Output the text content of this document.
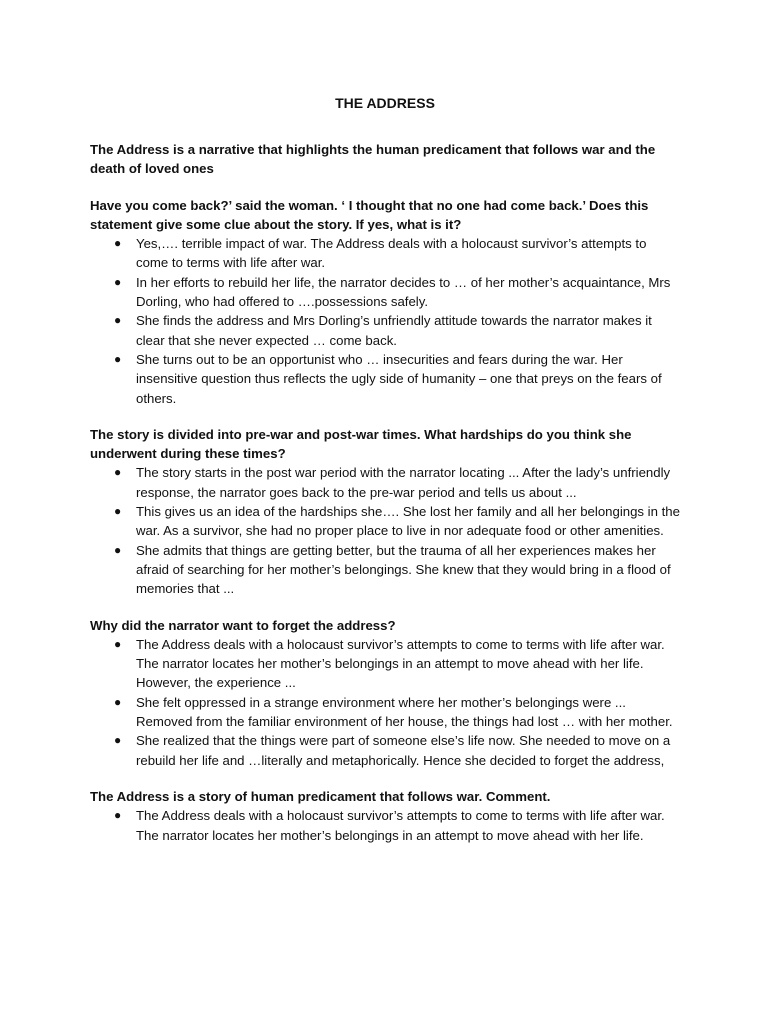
THE ADDRESS
The Address is a narrative that highlights the human predicament that follows war and the death of loved ones
Have you come back?’ said the woman. ‘ I thought that no one had come back.’ Does this statement give some clue about the story. If yes, what is it?
● Yes,…. terrible impact of war. The Address deals with a holocaust survivor’s attempts to come to terms with life after war.
● In her efforts to rebuild her life, the narrator decides to … of her mother’s acquaintance, Mrs Dorling, who had offered to ….possessions safely.
● She finds the address and Mrs Dorling’s unfriendly attitude towards the narrator makes it clear that she never expected … come back.
● She turns out to be an opportunist who … insecurities and fears during the war. Her insensitive question thus reflects the ugly side of humanity – one that preys on the fears of others.
The story is divided into pre-war and post-war times. What hardships do you think she underwent during these times?
● The story starts in the post war period with the narrator locating ... After the lady’s unfriendly response, the narrator goes back to the pre-war period and tells us about ...
● This gives us an idea of the hardships she…. She lost her family and all her belongings in the war. As a survivor, she had no proper place to live in nor adequate food or other amenities.
● She admits that things are getting better, but the trauma of all her experiences makes her afraid of searching for her mother’s belongings. She knew that they would bring in a flood of memories that ...
Why did the narrator want to forget the address?
● The Address deals with a holocaust survivor’s attempts to come to terms with life after war. The narrator locates her mother’s belongings in an attempt to move ahead with her life. However, the experience ...
● She felt oppressed in a strange environment where her mother’s belongings were ... Removed from the familiar environment of her house, the things had lost … with her mother.
● She realized that the things were part of someone else’s life now. She needed to move on a rebuild her life and …literally and metaphorically. Hence she decided to forget the address,
The Address is a story of human predicament that follows war. Comment.
● The Address deals with a holocaust survivor’s attempts to come to terms with life after war. The narrator locates her mother’s belongings in an attempt to move ahead with her life.
